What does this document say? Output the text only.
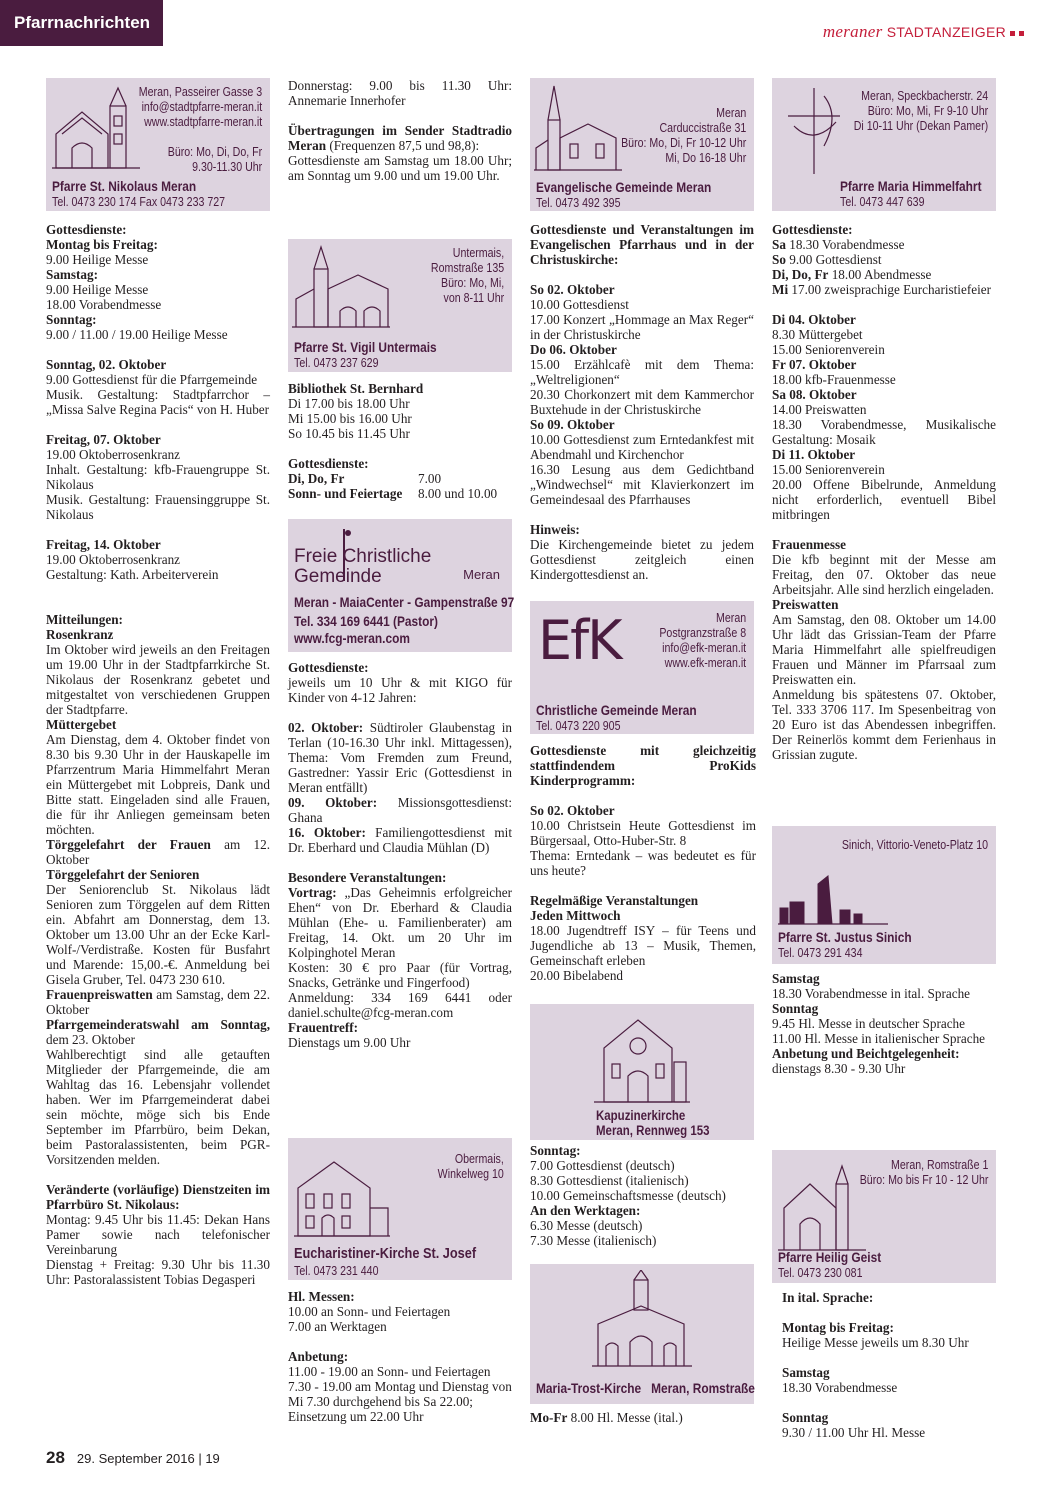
Pfarrnachrichten	meraner STADTANZEIGER
Meran, Passeirer Gasse 3
info@stadtpfarre-meran.it
www.stadtpfarre-meran.it

Büro: Mo, Di, Do, Fr
9.30-11.30 Uhr
Pfarre St. Nikolaus Meran
Tel. 0473 230 174 Fax 0473 233 727

Gottesdienste:

Montag bis Freitag:

9.00 Heilige Messe

Samstag:

9.00 Heilige Messe

18.00 Vorabendmesse

Sonntag:

9.00 / 11.00 / 19.00 Heilige Messe

Sonntag, 02. Oktober

9.00 Gottesdienst für die Pfarrgemeinde

Musik. Gestaltung: Stadtpfarrchor – „Missa Salve Regina Pacis“ von H. Huber

Freitag, 07. Oktober

19.00 Oktoberrosenkranz

Inhalt. Gestaltung: kfb-Frauengruppe St. Nikolaus

Musik. Gestaltung: Frauensinggruppe St. Nikolaus

Freitag, 14. Oktober

19.00 Oktoberrosenkranz

Gestaltung: Kath. Arbeiterverein

Mitteilungen:

Rosenkranz

Im Oktober wird jeweils an den Freitagen um 19.00 Uhr in der Stadtpfarrkirche St. Nikolaus der Rosenkranz gebetet und mitgestaltet von verschiedenen Gruppen der Stadtpfarre.

Müttergebet

Am Dienstag, dem 4. Oktober findet von 8.30 bis 9.30 Uhr in der Hauskapelle im Pfarrzentrum Maria Himmelfahrt Meran ein Müttergebet mit Lobpreis, Dank und Bitte statt. Eingeladen sind alle Frauen, die für ihr Anliegen gemeinsam beten möchten.

Törggelefahrt der Frauen am 12. Oktober

Törggelefahrt der Senioren

Der Seniorenclub St. Nikolaus lädt Senioren zum Törggelen auf dem Ritten ein. Abfahrt am Donnerstag, dem 13. Oktober um 13.00 Uhr an der Ecke Karl-Wolf-/Verdistraße. Kosten für Busfahrt und Marende: 15,00.-€. Anmeldung bei Gisela Gruber, Tel. 0473 230 610.

Frauenpreiswatten am Samstag, dem 22. Oktober

Pfarrgemeinderatswahl am Sonntag, dem 23. Oktober

Wahlberechtigt sind alle getauften Mitglieder der Pfarrgemeinde, die am Wahltag das 16. Lebensjahr vollendet haben. Wer im Pfarrgemeinderat dabei sein möchte, möge sich bis Ende September im Pfarrbüro, beim Dekan, beim Pastoralassistenten, beim PGR-Vorsitzenden melden.

Veränderte (vorläufige) Dienstzeiten im Pfarrbüro St. Nikolaus:

Montag: 9.45 Uhr bis 11.45: Dekan Hans Pamer sowie nach telefonischer Vereinbarung

Dienstag + Freitag: 9.30 Uhr bis 11.30 Uhr: Pastoralassistent Tobias Degasperi

Donnerstag: 9.00 bis 11.30 Uhr: Annemarie Innerhofer

Übertragungen im Sender Stadtradio Meran (Frequenzen 87,5 und 98,8):

Gottesdienste am Samstag um 18.00 Uhr; am Sonntag um 9.00 und um 19.00 Uhr.

Untermais,
Romstraße 135
Büro: Mo, Mi,
von 8-11 Uhr
Pfarre St. Vigil Untermais
Tel. 0473 237 629

Bibliothek St. Bernhard

Di 17.00 bis 18.00 Uhr

Mi 15.00 bis 16.00 Uhr

So 10.45 bis 11.45 Uhr

Gottesdienste:

Di, Do, Fr	7.00

Sonn- und Feiertage 8.00 und 10.00

Freie Christliche Gemeinde	Meran
Meran - MaiaCenter - Gampenstraße 97
Tel. 334 169 6441 (Pastor)
www.fcg-meran.com

Gottesdienste:

jeweils um 10 Uhr & mit KIGO für Kinder von 4-12 Jahren:

02. Oktober: Südtiroler Glaubenstag in Terlan (10-16.30 Uhr inkl. Mittagessen), Thema: Vom Fremden zum Freund, Gastredner: Yassir Eric (Gottesdienst in Meran entfällt)

09. Oktober: Missionsgottesdienst: Ghana

16. Oktober: Familiengottesdienst mit Dr. Eberhard und Claudia Mühlan (D)

Besondere Veranstaltungen:

Vortrag: „Das Geheimnis erfolgreicher Ehen“ von Dr. Eberhard & Claudia Mühlan (Ehe- u. Familienberater) am Freitag, 14. Okt. um 20 Uhr im Kolpinghotel Meran

Kosten: 30 € pro Paar (für Vortrag, Snacks, Getränke und Fingerfood)

Anmeldung: 334 169 6441 oder daniel.schulte@fcg-meran.com

Frauentreff:

Dienstags um 9.00 Uhr

Obermais,
Winkelweg 10
Eucharistiner-Kirche St. Josef
Tel. 0473 231 440

Hl. Messen:

10.00 an Sonn- und Feiertagen

7.00 an Werktagen

Anbetung:

11.00 - 19.00 an Sonn- und Feiertagen

7.30 - 19.00 am Montag und Dienstag von Mi 7.30 durchgehend bis Sa 22.00; Einsetzung um 22.00 Uhr

Meran
Carduccistraße 31
Büro: Mo, Di, Fr 10-12 Uhr
Mi, Do 16-18 Uhr
Evangelische Gemeinde Meran
Tel. 0473 492 395

Gottesdienste und Veranstaltungen im Evangelischen Pfarrhaus und in der Christuskirche:

So 02. Oktober

10.00 Gottesdienst

17.00 Konzert „Hommage an Max Reger“ in der Christuskirche

Do 06. Oktober

15.00 Erzählcafè mit dem Thema: „Weltreligionen“

20.30 Chorkonzert mit dem Kammerchor Buxtehude in der Christuskirche

So 09. Oktober

10.00 Gottesdienst zum Erntedankfest mit Abendmahl und Kirchenchor

16.30 Lesung aus dem Gedichtband „Windwechsel“ mit Klavierkonzert im Gemeindesaal des Pfarrhauses

Hinweis:

Die Kirchengemeinde bietet zu jedem Gottesdienst zeitgleich einen Kindergottesdienst an.

EfK	Meran
Postgranzstraße 8
info@efk-meran.it
www.efk-meran.it
Christliche Gemeinde Meran
Tel. 0473 220 905

Gottesdienste mit gleichzeitig stattfindendem ProKids Kinderprogramm:

So 02. Oktober

10.00 Christsein Heute Gottesdienst im Bürgersaal, Otto-Huber-Str. 8

Thema: Erntedank – was bedeutet es für uns heute?

Regelmäßige Veranstaltungen

Jeden Mittwoch

18.00 Jugendtreff ISY – für Teens und Jugendliche ab 13 – Musik, Themen, Gemeinschaft erleben

20.00 Bibelabend

Kapuzinerkirche
Meran, Rennweg 153

Sonntag:

7.00 Gottesdienst (deutsch)

8.30 Gottesdienst (italienisch)

10.00 Gemeinschaftsmesse (deutsch)

An den Werktagen:

6.30 Messe (deutsch)

7.30 Messe (italienisch)

Maria-Trost-Kirche Meran, Romstraße

Mo-Fr 8.00 Hl. Messe (ital.)

Meran, Speckbacherstr. 24
Büro: Mo, Mi, Fr 9-10 Uhr
Di 10-11 Uhr (Dekan Pamer)
Pfarre Maria Himmelfahrt
Tel. 0473 447 639

Gottesdienste:

Sa 18.30 Vorabendmesse

So 9.00 Gottesdienst

Di, Do, Fr 18.00 Abendmesse

Mi 17.00 zweisprachige Eurcharistiefeier

Di 04. Oktober

8.30 Müttergebet

15.00 Seniorenverein

Fr 07. Oktober

18.00 kfb-Frauenmesse

Sa 08. Oktober

14.00 Preiswatten

18.30 Vorabendmesse, Musikalische Gestaltung: Mosaik

Di 11. Oktober

15.00 Seniorenverein

20.00 Offene Bibelrunde, Anmeldung nicht erforderlich, eventuell Bibel mitbringen

Frauenmesse

Die kfb beginnt mit der Messe am Freitag, den 07. Oktober das neue Arbeitsjahr. Alle sind herzlich eingeladen.

Preiswatten

Am Samstag, den 08. Oktober um 14.00 Uhr lädt das Grissian-Team der Pfarre Maria Himmelfahrt alle spielfreudigen Frauen und Männer im Pfarrsaal zum Preiswatten ein.

Anmeldung bis spätestens 07. Oktober, Tel. 333 3706 117. Im Spesenbeitrag von 20 Euro ist das Abendessen inbegriffen. Der Reinerlös kommt dem Ferienhaus in Grissian zugute.

Sinich, Vittorio-Veneto-Platz 10
Pfarre St. Justus Sinich
Tel. 0473 291 434

Samstag

18.30 Vorabendmesse in ital. Sprache

Sonntag

9.45 Hl. Messe in deutscher Sprache

11.00 Hl. Messe in italienischer Sprache

Anbetung und Beichtgelegenheit:

dienstags 8.30 - 9.30 Uhr

Meran, Romstraße 1
Büro: Mo bis Fr 10 - 12 Uhr
Pfarre Heilig Geist
Tel. 0473 230 081

In ital. Sprache:

Montag bis Freitag:

Heilige Messe jeweils um 8.30 Uhr

Samstag

18.30 Vorabendmesse

Sonntag

9.30 / 11.00 Uhr Hl. Messe

28 29. September 2016 | 19
